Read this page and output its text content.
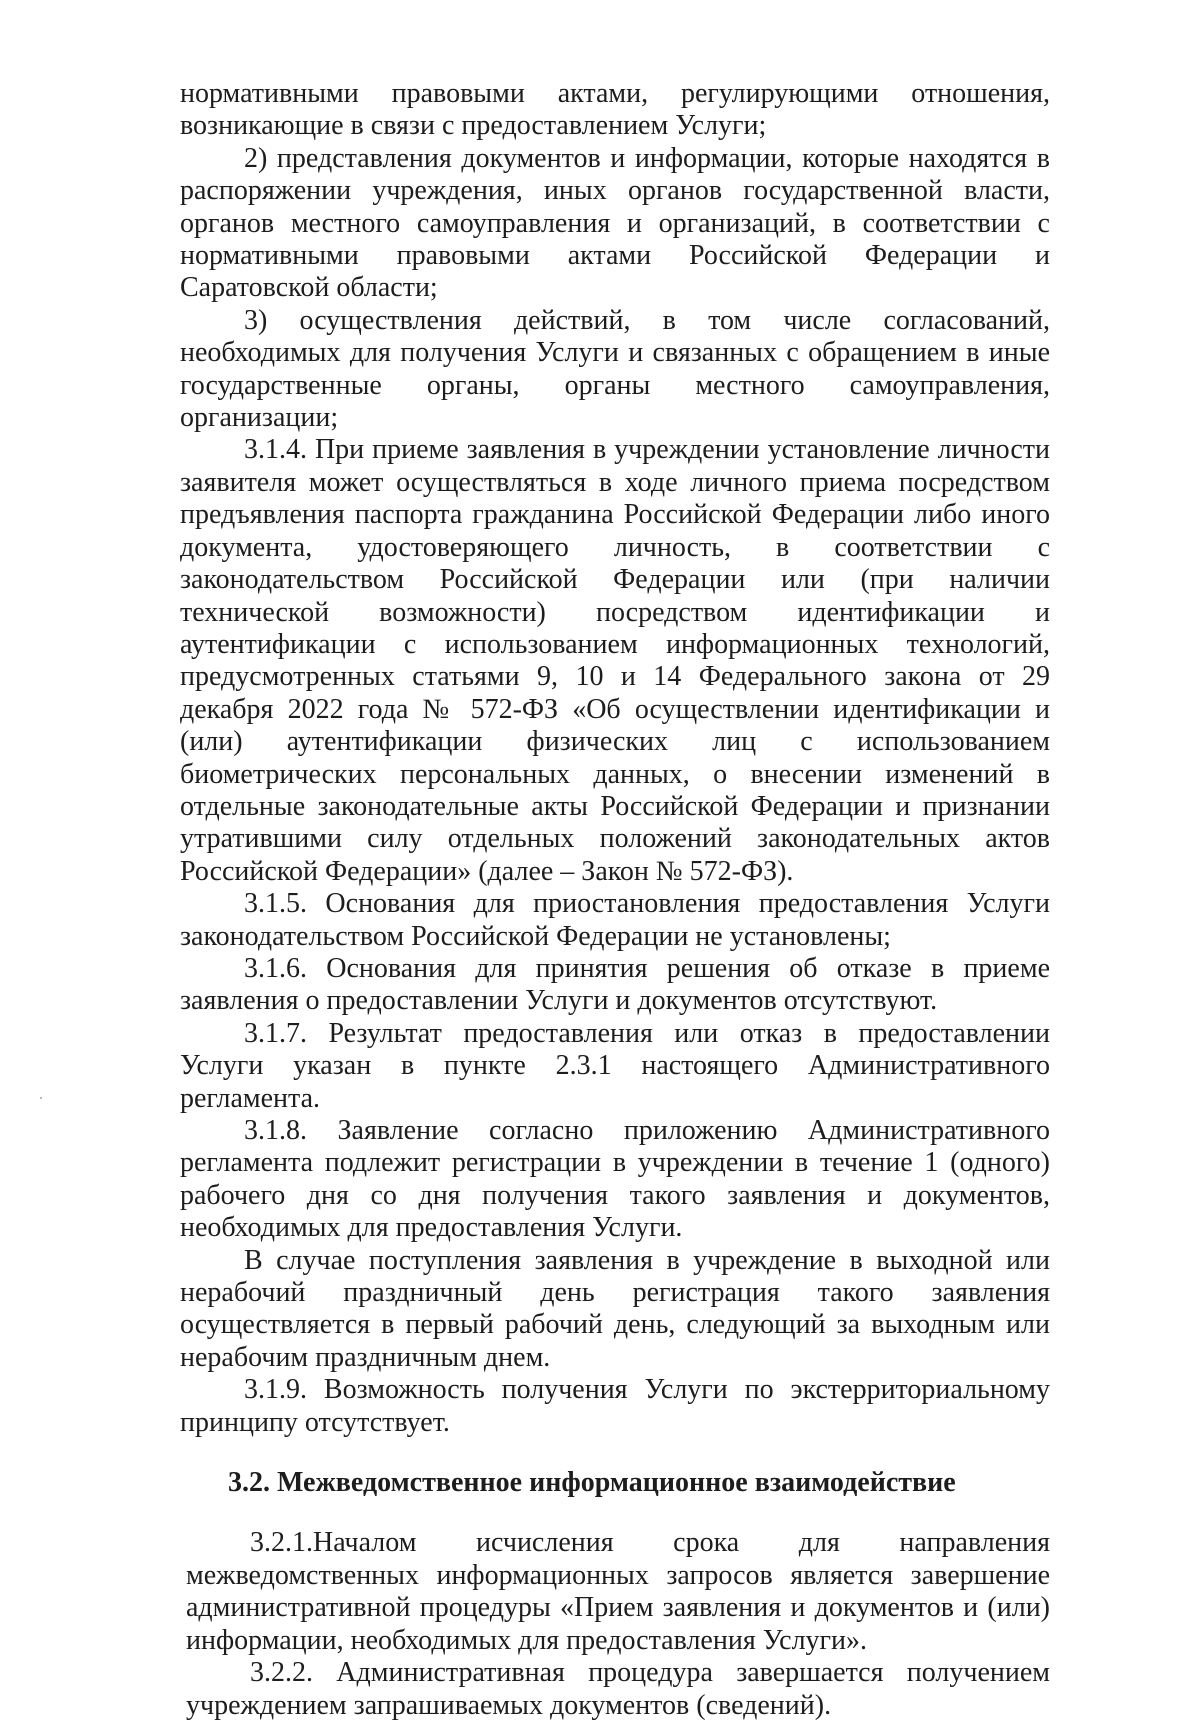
нормативными правовыми актами, регулирующими отношения, возникающие в связи с предоставлением Услуги;

2) представления документов и информации, которые находятся в распоряжении учреждения, иных органов государственной власти, органов местного самоуправления и организаций, в соответствии с нормативными правовыми актами Российской Федерации и Саратовской области;

3) осуществления действий, в том числе согласований, необходимых для получения Услуги и связанных с обращением в иные государственные органы, органы местного самоуправления, организации;

3.1.4. При приеме заявления в учреждении установление личности заявителя может осуществляться в ходе личного приема посредством предъявления паспорта гражданина Российской Федерации либо иного документа, удостоверяющего личность, в соответствии с законодательством Российской Федерации или (при наличии технической возможности) посредством идентификации и аутентификации с использованием информационных технологий, предусмотренных статьями 9, 10 и 14 Федерального закона от 29 декабря 2022 года № 572-ФЗ «Об осуществлении идентификации и (или) аутентификации физических лиц с использованием биометрических персональных данных, о внесении изменений в отдельные законодательные акты Российской Федерации и признании утратившими силу отдельных положений законодательных актов Российской Федерации» (далее – Закон № 572-ФЗ).

3.1.5. Основания для приостановления предоставления Услуги законодательством Российской Федерации не установлены;

3.1.6. Основания для принятия решения об отказе в приеме заявления о предоставлении Услуги и документов отсутствуют.

3.1.7. Результат предоставления или отказ в предоставлении Услуги указан в пункте 2.3.1 настоящего Административного регламента.

3.1.8. Заявление согласно приложению Административного регламента подлежит регистрации в учреждении в течение 1 (одного) рабочего дня со дня получения такого заявления и документов, необходимых для предоставления Услуги.

В случае поступления заявления в учреждение в выходной или нерабочий праздничный день регистрация такого заявления осуществляется в первый рабочий день, следующий за выходным или нерабочим праздничным днем.

3.1.9. Возможность получения Услуги по экстерриториальному принципу отсутствует.

3.2. Межведомственное информационное взаимодействие

3.2.1.Началом исчисления срока для направления межведомственных информационных запросов является завершение административной процедуры «Прием заявления и документов и (или) информации, необходимых для предоставления Услуги».

3.2.2. Административная процедура завершается получением учреждением запрашиваемых документов (сведений).
